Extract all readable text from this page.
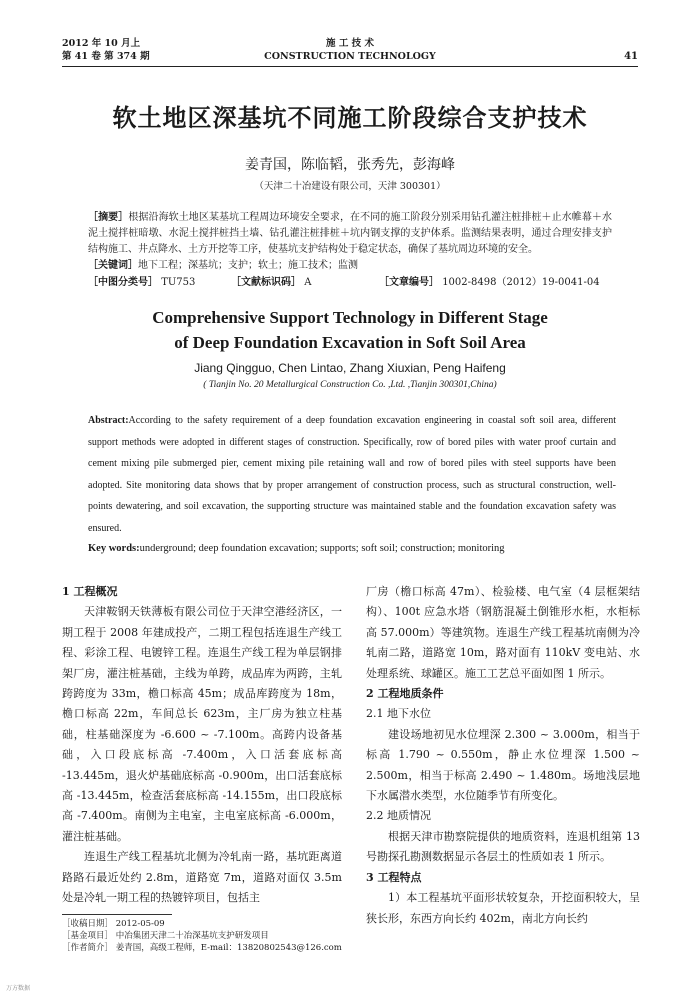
2012 年 10 月上
第 41 卷 第 374 期
施 工 技 术
CONSTRUCTION TECHNOLOGY	41
软土地区深基坑不同施工阶段综合支护技术
姜青国，陈临韬，张秀先，彭海峰
（天津二十冶建设有限公司，天津 300301）
［摘要］根据沿海软土地区某基坑工程周边环境安全要求，在不同的施工阶段分别采用钻孔灌注桩排桩＋止水帷幕＋水泥土搅拌桩暗墩、水泥土搅拌桩挡土墙、钻孔灌注桩排桩＋坑内钢支撑的支护体系。监测结果表明，通过合理安排支护结构施工、井点降水、土方开挖等工序，使基坑支护结构处于稳定状态，确保了基坑周边环境的安全。
［关键词］地下工程；深基坑；支护；软土；施工技术；监测
［中图分类号］ TU753	［文献标识码］ A	［文章编号］ 1002-8498（2012）19-0041-04
Comprehensive Support Technology in Different Stage
of Deep Foundation Excavation in Soft Soil Area
Jiang Qingguo, Chen Lintao, Zhang Xiuxian, Peng Haifeng
( Tianjin No. 20 Metallurgical Construction Co. ,Ltd. ,Tianjin 300301,China)
Abstract:According to the safety requirement of a deep foundation excavation engineering in coastal soft soil area, different support methods were adopted in different stages of construction. Specifically, row of bored piles with water proof curtain and cement mixing pile submerged pier, cement mixing pile retaining wall and row of bored piles with steel supports have been adopted. Site monitoring data shows that by proper arrangement of construction process, such as structural construction, well-points dewatering, and soil excavation, the supporting structure was maintained stable and the foundation excavation safety was ensured.
Key words:underground; deep foundation excavation; supports; soft soil; construction; monitoring
1 工程概况

天津鞍钢天铁薄板有限公司位于天津空港经济区，一期工程于 2008 年建成投产，二期工程包括连退生产线工程、彩涂工程、电镀锌工程。连退生产线工程为单层钢排架厂房，灌注桩基础，主线为单跨，成品库为两跨，主轧跨跨度为 33m，檐口标高 45m；成品库跨度为 18m，檐口标高 22m，车间总长 623m，主厂房为独立柱基础，柱基础深度为 -6.600 ~ -7.100m。高跨内设备基础，入口段底标高 -7.400m，入口活套底标高 -13.445m，退火炉基础底标高 -0.900m，出口活套底标高 -13.445m，检查活套底标高 -14.155m，出口段底标高 -7.400m。南侧为主电室，主电室底标高 -6.000m，灌注桩基础。

连退生产线工程基坑北侧为冷轧南一路，基坑距离道路路石最近处约 2.8m，道路宽 7m，道路对面仅 3.5m 处是冷轧一期工程的热镀锌项目，包括主

厂房（檐口标高 47m）、检验楼、电气室（4 层框架结构）、100t 应急水塔（钢筋混凝土倒锥形水柜，水柜标高 57.000m）等建筑物。连退生产线工程基坑南侧为冷轧南二路，道路宽 10m，路对面有 110kV 变电站、水处理系统、球罐区。施工工艺总平面如图 1 所示。

2 工程地质条件
2.1 地下水位

建设场地初见水位埋深 2.300 ~ 3.000m，相当于标高 1.790 ~ 0.550m，静止水位埋深 1.500 ~ 2.500m，相当于标高 2.490 ~ 1.480m。场地浅层地下水属潜水类型，水位随季节有所变化。

2.2 地质情况

根据天津市勘察院提供的地质资料，连退机组第 13 号勘探孔勘测数据显示各层土的性质如表 1 所示。

3 工程特点

1）本工程基坑平面形状较复杂，开挖面积较大，呈狭长形，东西方向长约 402m，南北方向长约

［收稿日期］ 2012-05-09
［基金项目］ 中冶集团天津二十冶深基坑支护研发项目
［作者简介］ 姜青国，高级工程师，E-mail：13820802543@126.com
万方数据
